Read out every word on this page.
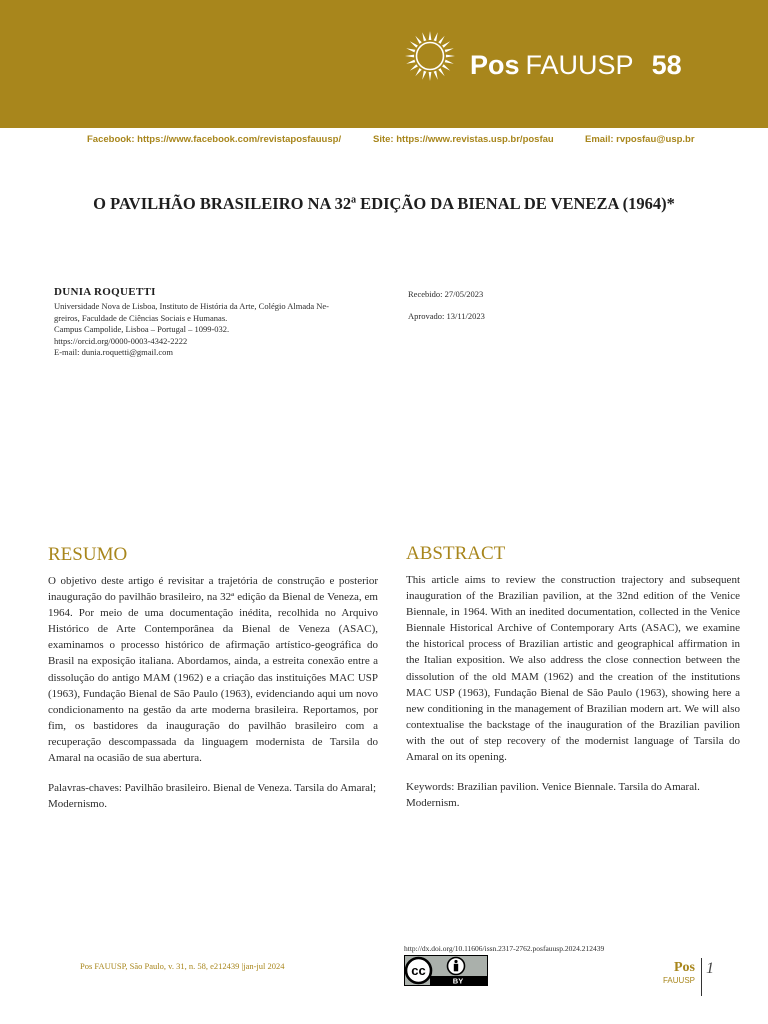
Pos FAUUSP 58
Facebook: https://www.facebook.com/revistaposfauusp/	Site: https://www.revistas.usp.br/posfau	Email: rvposfau@usp.br
O PAVILHÃO BRASILEIRO NA 32ª EDIÇÃO DA BIENAL DE VENEZA (1964)*
DUNIA ROQUETTI
Universidade Nova de Lisboa, Instituto de História da Arte, Colégio Almada Ne-
greiros, Faculdade de Ciências Sociais e Humanas.
Campus Campolide, Lisboa – Portugal – 1099-032.
https://orcid.org/0000-0003-4342-2222
E-mail: dunia.roquetti@gmail.com
Recebido: 27/05/2023
Aprovado: 13/11/2023
RESUMO

O objetivo deste artigo é revisitar a trajetória de construção e posterior inauguração do pavilhão brasileiro, na 32ª edição da Bienal de Veneza, em 1964. Por meio de uma documentação inédita, recolhida no Arquivo Histórico de Arte Contemporânea da Bienal de Veneza (ASAC), examinamos o processo histórico de afirmação artístico-geográfica do Brasil na exposição italiana. Abordamos, ainda, a estreita conexão entre a dissolução do antigo MAM (1962) e a criação das instituições MAC USP (1963), Fundação Bienal de São Paulo (1963), evidenciando aqui um novo condicionamento na gestão da arte moderna brasileira. Reportamos, por fim, os bastidores da inauguração do pavilhão brasileiro com a recuperação descompassada da linguagem modernista de Tarsila do Amaral na ocasião de sua abertura.

Palavras-chaves: Pavilhão brasileiro. Bienal de Veneza. Tarsila do Amaral; Modernismo.

ABSTRACT

This article aims to review the construction trajectory and subsequent inauguration of the Brazilian pavilion, at the 32nd edition of the Venice Biennale, in 1964. With an inedited documentation, collected in the Venice Biennale Historical Archive of Contemporary Arts (ASAC), we examine the historical process of Brazilian artistic and geographical affirmation in the Italian exposition. We also address the close connection between the dissolution of the old MAM (1962) and the creation of the institutions MAC USP (1963), Fundação Bienal de São Paulo (1963), showing here a new conditioning in the management of Brazilian modern art. We will also contextualise the backstage of the inauguration of the Brazilian pavilion with the out of step recovery of the modernist language of Tarsila do Amaral on its opening.

Keywords: Brazilian pavilion. Venice Biennale. Tarsila do Amaral. Modernism.

http://dx.doi.org/10.11606/issn.2317-2762.posfauusp.2024.212439
cc
BY
Pos FAUUSP, São Paulo, v. 31, n. 58, e212439 |jan-jul 2024	Pos
FAUUSP
1
